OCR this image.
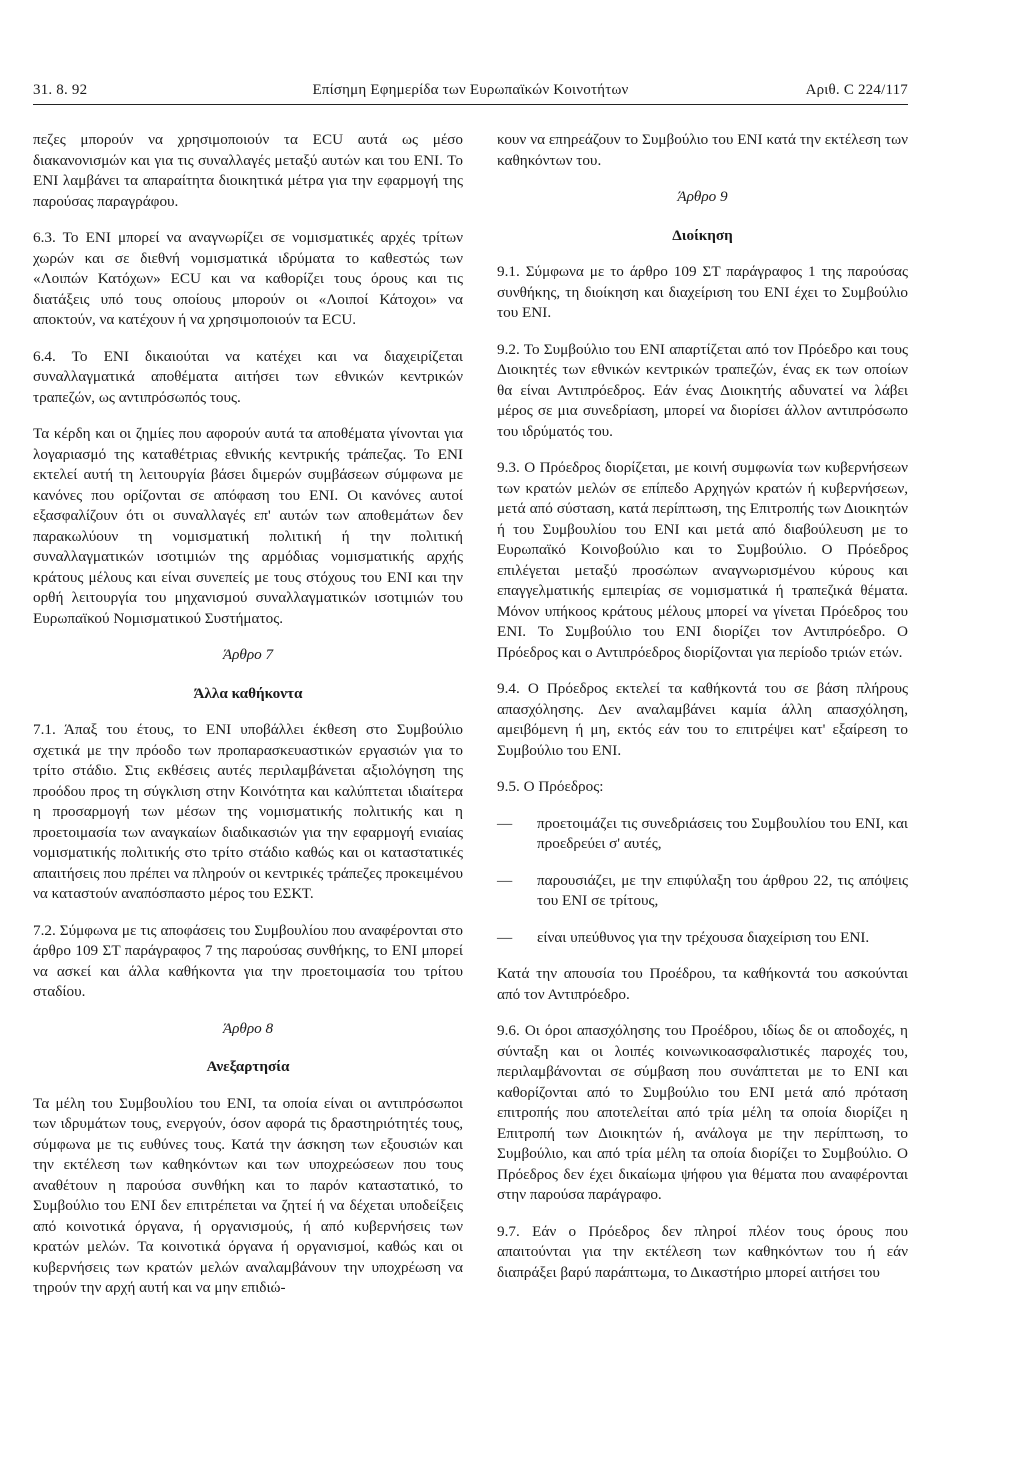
31. 8. 92	Επίσημη Εφημερίδα των Ευρωπαϊκών Κοινοτήτων	Αριθ. C 224/117

πεζες μπορούν να χρησιμοποιούν τα ECU αυτά ως μέσο διακανονισμών και για τις συναλλαγές μεταξύ αυτών και του ENI. Το ENI λαμβάνει τα απαραίτητα διοικητικά μέτρα για την εφαρμογή της παρούσας παραγράφου.

6.3. Το ENI μπορεί να αναγνωρίζει σε νομισματικές αρχές τρίτων χωρών και σε διεθνή νομισματικά ιδρύματα το καθεστώς των «Λοιπών Κατόχων» ECU και να καθορίζει τους όρους και τις διατάξεις υπό τους οποίους μπορούν οι «Λοιποί Κάτοχοι» να αποκτούν, να κατέχουν ή να χρησιμοποιούν τα ECU.

6.4. Το ENI δικαιούται να κατέχει και να διαχειρίζεται συναλλαγματικά αποθέματα αιτήσει των εθνικών κεντρικών τραπεζών, ως αντιπρόσωπός τους.

Τα κέρδη και οι ζημίες που αφορούν αυτά τα αποθέματα γίνονται για λογαριασμό της καταθέτριας εθνικής κεντρικής τράπεζας. Το ENI εκτελεί αυτή τη λειτουργία βάσει διμερών συμβάσεων σύμφωνα με κανόνες που ορίζονται σε απόφαση του ENI. Οι κανόνες αυτοί εξασφαλίζουν ότι οι συναλλαγές επ' αυτών των αποθεμάτων δεν παρακωλύουν τη νομισματική πολιτική ή την πολιτική συναλλαγματικών ισοτιμιών της αρμόδιας νομισματικής αρχής κράτους μέλους και είναι συνεπείς με τους στόχους του ENI και την ορθή λειτουργία του μηχανισμού συναλλαγματικών ισοτιμιών του Ευρωπαϊκού Νομισματικού Συστήματος.

Άρθρο 7
Άλλα καθήκοντα

7.1. Άπαξ του έτους, το ENI υποβάλλει έκθεση στο Συμβούλιο σχετικά με την πρόοδο των προπαρασκευαστικών εργασιών για το τρίτο στάδιο. Στις εκθέσεις αυτές περιλαμβάνεται αξιολόγηση της προόδου προς τη σύγκλιση στην Κοινότητα και καλύπτεται ιδιαίτερα η προσαρμογή των μέσων της νομισματικής πολιτικής και η προετοιμασία των αναγκαίων διαδικασιών για την εφαρμογή ενιαίας νομισματικής πολιτικής στο τρίτο στάδιο καθώς και οι καταστατικές απαιτήσεις που πρέπει να πληρούν οι κεντρικές τράπεζες προκειμένου να καταστούν αναπόσπαστο μέρος του ΕΣΚΤ.

7.2. Σύμφωνα με τις αποφάσεις του Συμβουλίου που αναφέρονται στο άρθρο 109 ΣΤ παράγραφος 7 της παρούσας συνθήκης, το ENI μπορεί να ασκεί και άλλα καθήκοντα για την προετοιμασία του τρίτου σταδίου.

Άρθρο 8
Ανεξαρτησία

Τα μέλη του Συμβουλίου του ENI, τα οποία είναι οι αντιπρόσωποι των ιδρυμάτων τους, ενεργούν, όσον αφορά τις δραστηριότητές τους, σύμφωνα με τις ευθύνες τους. Κατά την άσκηση των εξουσιών και την εκτέλεση των καθηκόντων και των υποχρεώσεων που τους αναθέτουν η παρούσα συνθήκη και το παρόν καταστατικό, το Συμβούλιο του ENI δεν επιτρέπεται να ζητεί ή να δέχεται υποδείξεις από κοινοτικά όργανα, ή οργανισμούς, ή από κυβερνήσεις των κρατών μελών. Τα κοινοτικά όργανα ή οργανισμοί, καθώς και οι κυβερνήσεις των κρατών μελών αναλαμβάνουν την υποχρέωση να τηρούν την αρχή αυτή και να μην επιδιώ-

κουν να επηρεάζουν το Συμβούλιο του ENI κατά την εκτέλεση των καθηκόντων του.

Άρθρο 9
Διοίκηση

9.1. Σύμφωνα με το άρθρο 109 ΣΤ παράγραφος 1 της παρούσας συνθήκης, τη διοίκηση και διαχείριση του ENI έχει το Συμβούλιο του ENI.

9.2. Το Συμβούλιο του ENI απαρτίζεται από τον Πρόεδρο και τους Διοικητές των εθνικών κεντρικών τραπεζών, ένας εκ των οποίων θα είναι Αντιπρόεδρος. Εάν ένας Διοικητής αδυνατεί να λάβει μέρος σε μια συνεδρίαση, μπορεί να διορίσει άλλον αντιπρόσωπο του ιδρύματός του.

9.3. Ο Πρόεδρος διορίζεται, με κοινή συμφωνία των κυβερνήσεων των κρατών μελών σε επίπεδο Αρχηγών κρατών ή κυβερνήσεων, μετά από σύσταση, κατά περίπτωση, της Επιτροπής των Διοικητών ή του Συμβουλίου του ENI και μετά από διαβούλευση με το Ευρωπαϊκό Κοινοβούλιο και το Συμβούλιο. Ο Πρόεδρος επιλέγεται μεταξύ προσώπων αναγνωρισμένου κύρους και επαγγελματικής εμπειρίας σε νομισματικά ή τραπεζικά θέματα. Μόνον υπήκοος κράτους μέλους μπορεί να γίνεται Πρόεδρος του ENI. Το Συμβούλιο του ENI διορίζει τον Αντιπρόεδρο. Ο Πρόεδρος και ο Αντιπρόεδρος διορίζονται για περίοδο τριών ετών.

9.4. Ο Πρόεδρος εκτελεί τα καθήκοντά του σε βάση πλήρους απασχόλησης. Δεν αναλαμβάνει καμία άλλη απασχόληση, αμειβόμενη ή μη, εκτός εάν του το επιτρέψει κατ' εξαίρεση το Συμβούλιο του ENI.

9.5. Ο Πρόεδρος:

—	προετοιμάζει τις συνεδριάσεις του Συμβουλίου του ENI, και προεδρεύει σ' αυτές,
—	παρουσιάζει, με την επιφύλαξη του άρθρου 22, τις απόψεις του ENI σε τρίτους,
—	είναι υπεύθυνος για την τρέχουσα διαχείριση του ENI.

Κατά την απουσία του Προέδρου, τα καθήκοντά του ασκούνται από τον Αντιπρόεδρο.

9.6. Οι όροι απασχόλησης του Προέδρου, ιδίως δε οι αποδοχές, η σύνταξη και οι λοιπές κοινωνικοασφαλιστικές παροχές του, περιλαμβάνονται σε σύμβαση που συνάπτεται με το ENI και καθορίζονται από το Συμβούλιο του ENI μετά από πρόταση επιτροπής που αποτελείται από τρία μέλη τα οποία διορίζει η Επιτροπή των Διοικητών ή, ανάλογα με την περίπτωση, το Συμβούλιο, και από τρία μέλη τα οποία διορίζει το Συμβούλιο. Ο Πρόεδρος δεν έχει δικαίωμα ψήφου για θέματα που αναφέρονται στην παρούσα παράγραφο.

9.7. Εάν ο Πρόεδρος δεν πληροί πλέον τους όρους που απαιτούνται για την εκτέλεση των καθηκόντων του ή εάν διαπράξει βαρύ παράπτωμα, το Δικαστήριο μπορεί αιτήσει του
